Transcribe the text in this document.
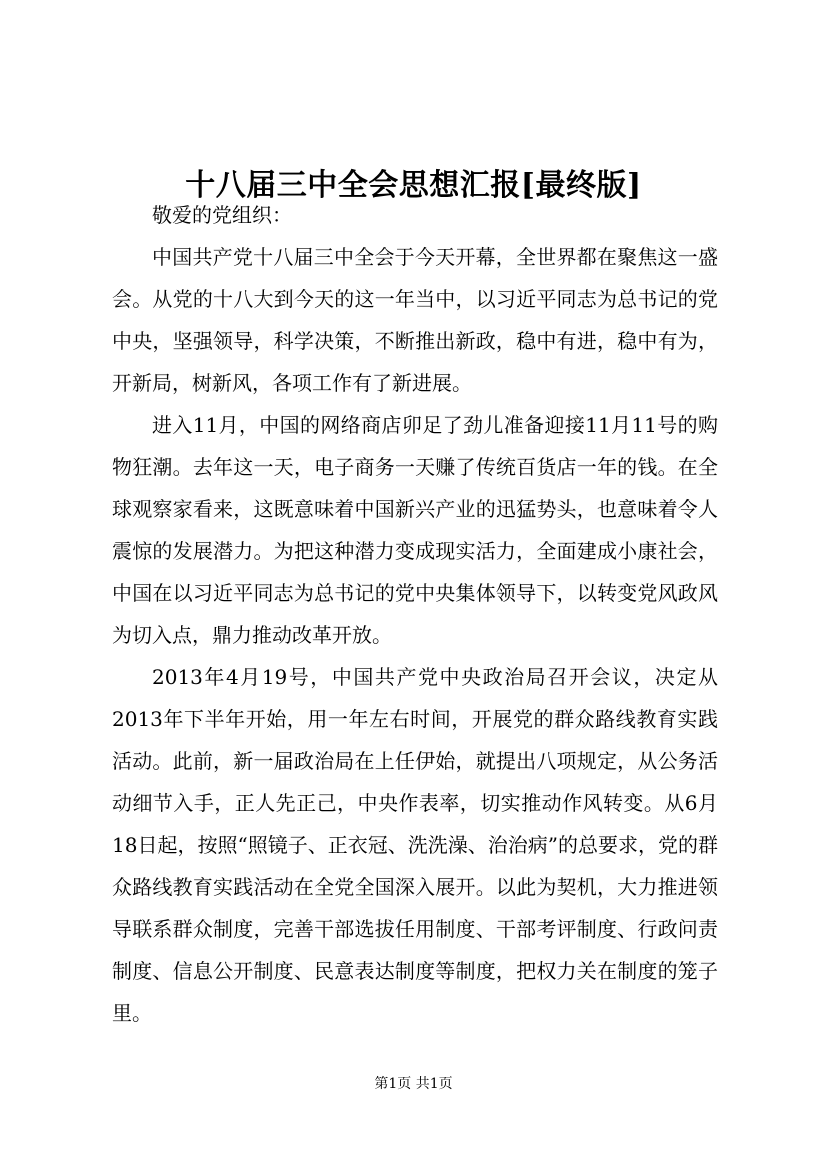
十八届三中全会思想汇报[最终版]

敬爱的党组织：

中国共产党十八届三中全会于今天开幕，全世界都在聚焦这一盛会。从党的十八大到今天的这一年当中，以习近平同志为总书记的党中央，坚强领导，科学决策，不断推出新政，稳中有进，稳中有为，开新局，树新风，各项工作有了新进展。

进入11月，中国的网络商店卯足了劲儿准备迎接11月11号的购物狂潮。去年这一天，电子商务一天赚了传统百货店一年的钱。在全球观察家看来，这既意味着中国新兴产业的迅猛势头，也意味着令人震惊的发展潜力。为把这种潜力变成现实活力，全面建成小康社会，中国在以习近平同志为总书记的党中央集体领导下，以转变党风政风为切入点，鼎力推动改革开放。

2013年4月19号，中国共产党中央政治局召开会议，决定从2013年下半年开始，用一年左右时间，开展党的群众路线教育实践活动。此前，新一届政治局在上任伊始，就提出八项规定，从公务活动细节入手，正人先正己，中央作表率，切实推动作风转变。从6月18日起，按照“照镜子、正衣冠、洗洗澡、治治病”的总要求，党的群众路线教育实践活动在全党全国深入展开。以此为契机，大力推进领导联系群众制度，完善干部选拔任用制度、干部考评制度、行政问责制度、信息公开制度、民意表达制度等制度，把权力关在制度的笼子里。

第1页 共1页
